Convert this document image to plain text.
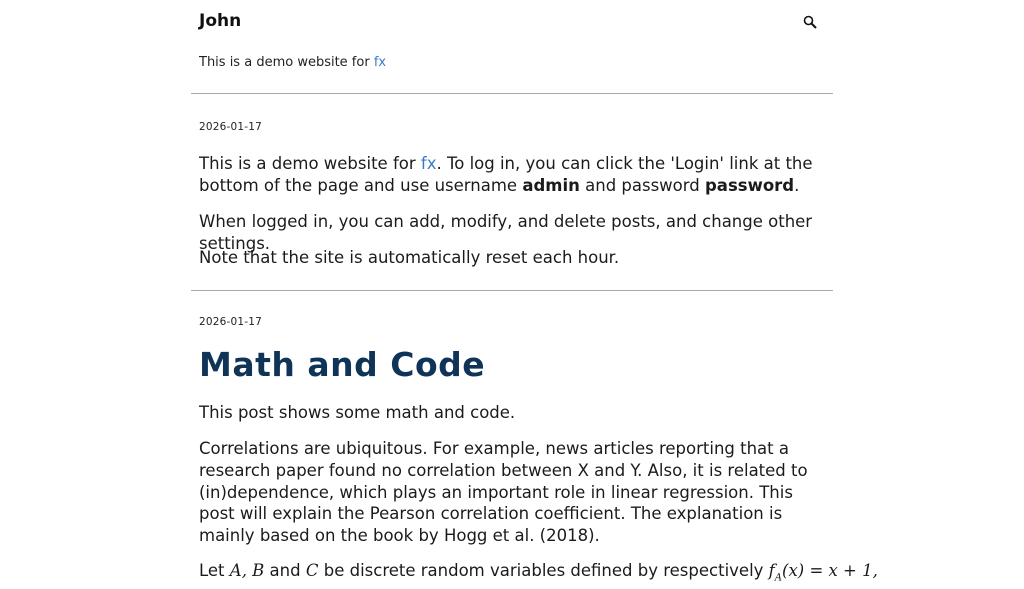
John
This is a demo website for fx
2026-01-17
This is a demo website for fx. To log in, you can click the 'Login' link at the bottom of the page and use username admin and password password.
When logged in, you can add, modify, and delete posts, and change other settings.
Note that the site is automatically reset each hour.
2026-01-17
Math and Code
This post shows some math and code.
Correlations are ubiquitous. For example, news articles reporting that a research paper found no correlation between X and Y. Also, it is related to (in)dependence, which plays an important role in linear regression. This post will explain the Pearson correlation coefficient. The explanation is mainly based on the book by Hogg et al. (2018).
Let A, B and C be discrete random variables defined by respectively $f_A(x) = x + 1$,
